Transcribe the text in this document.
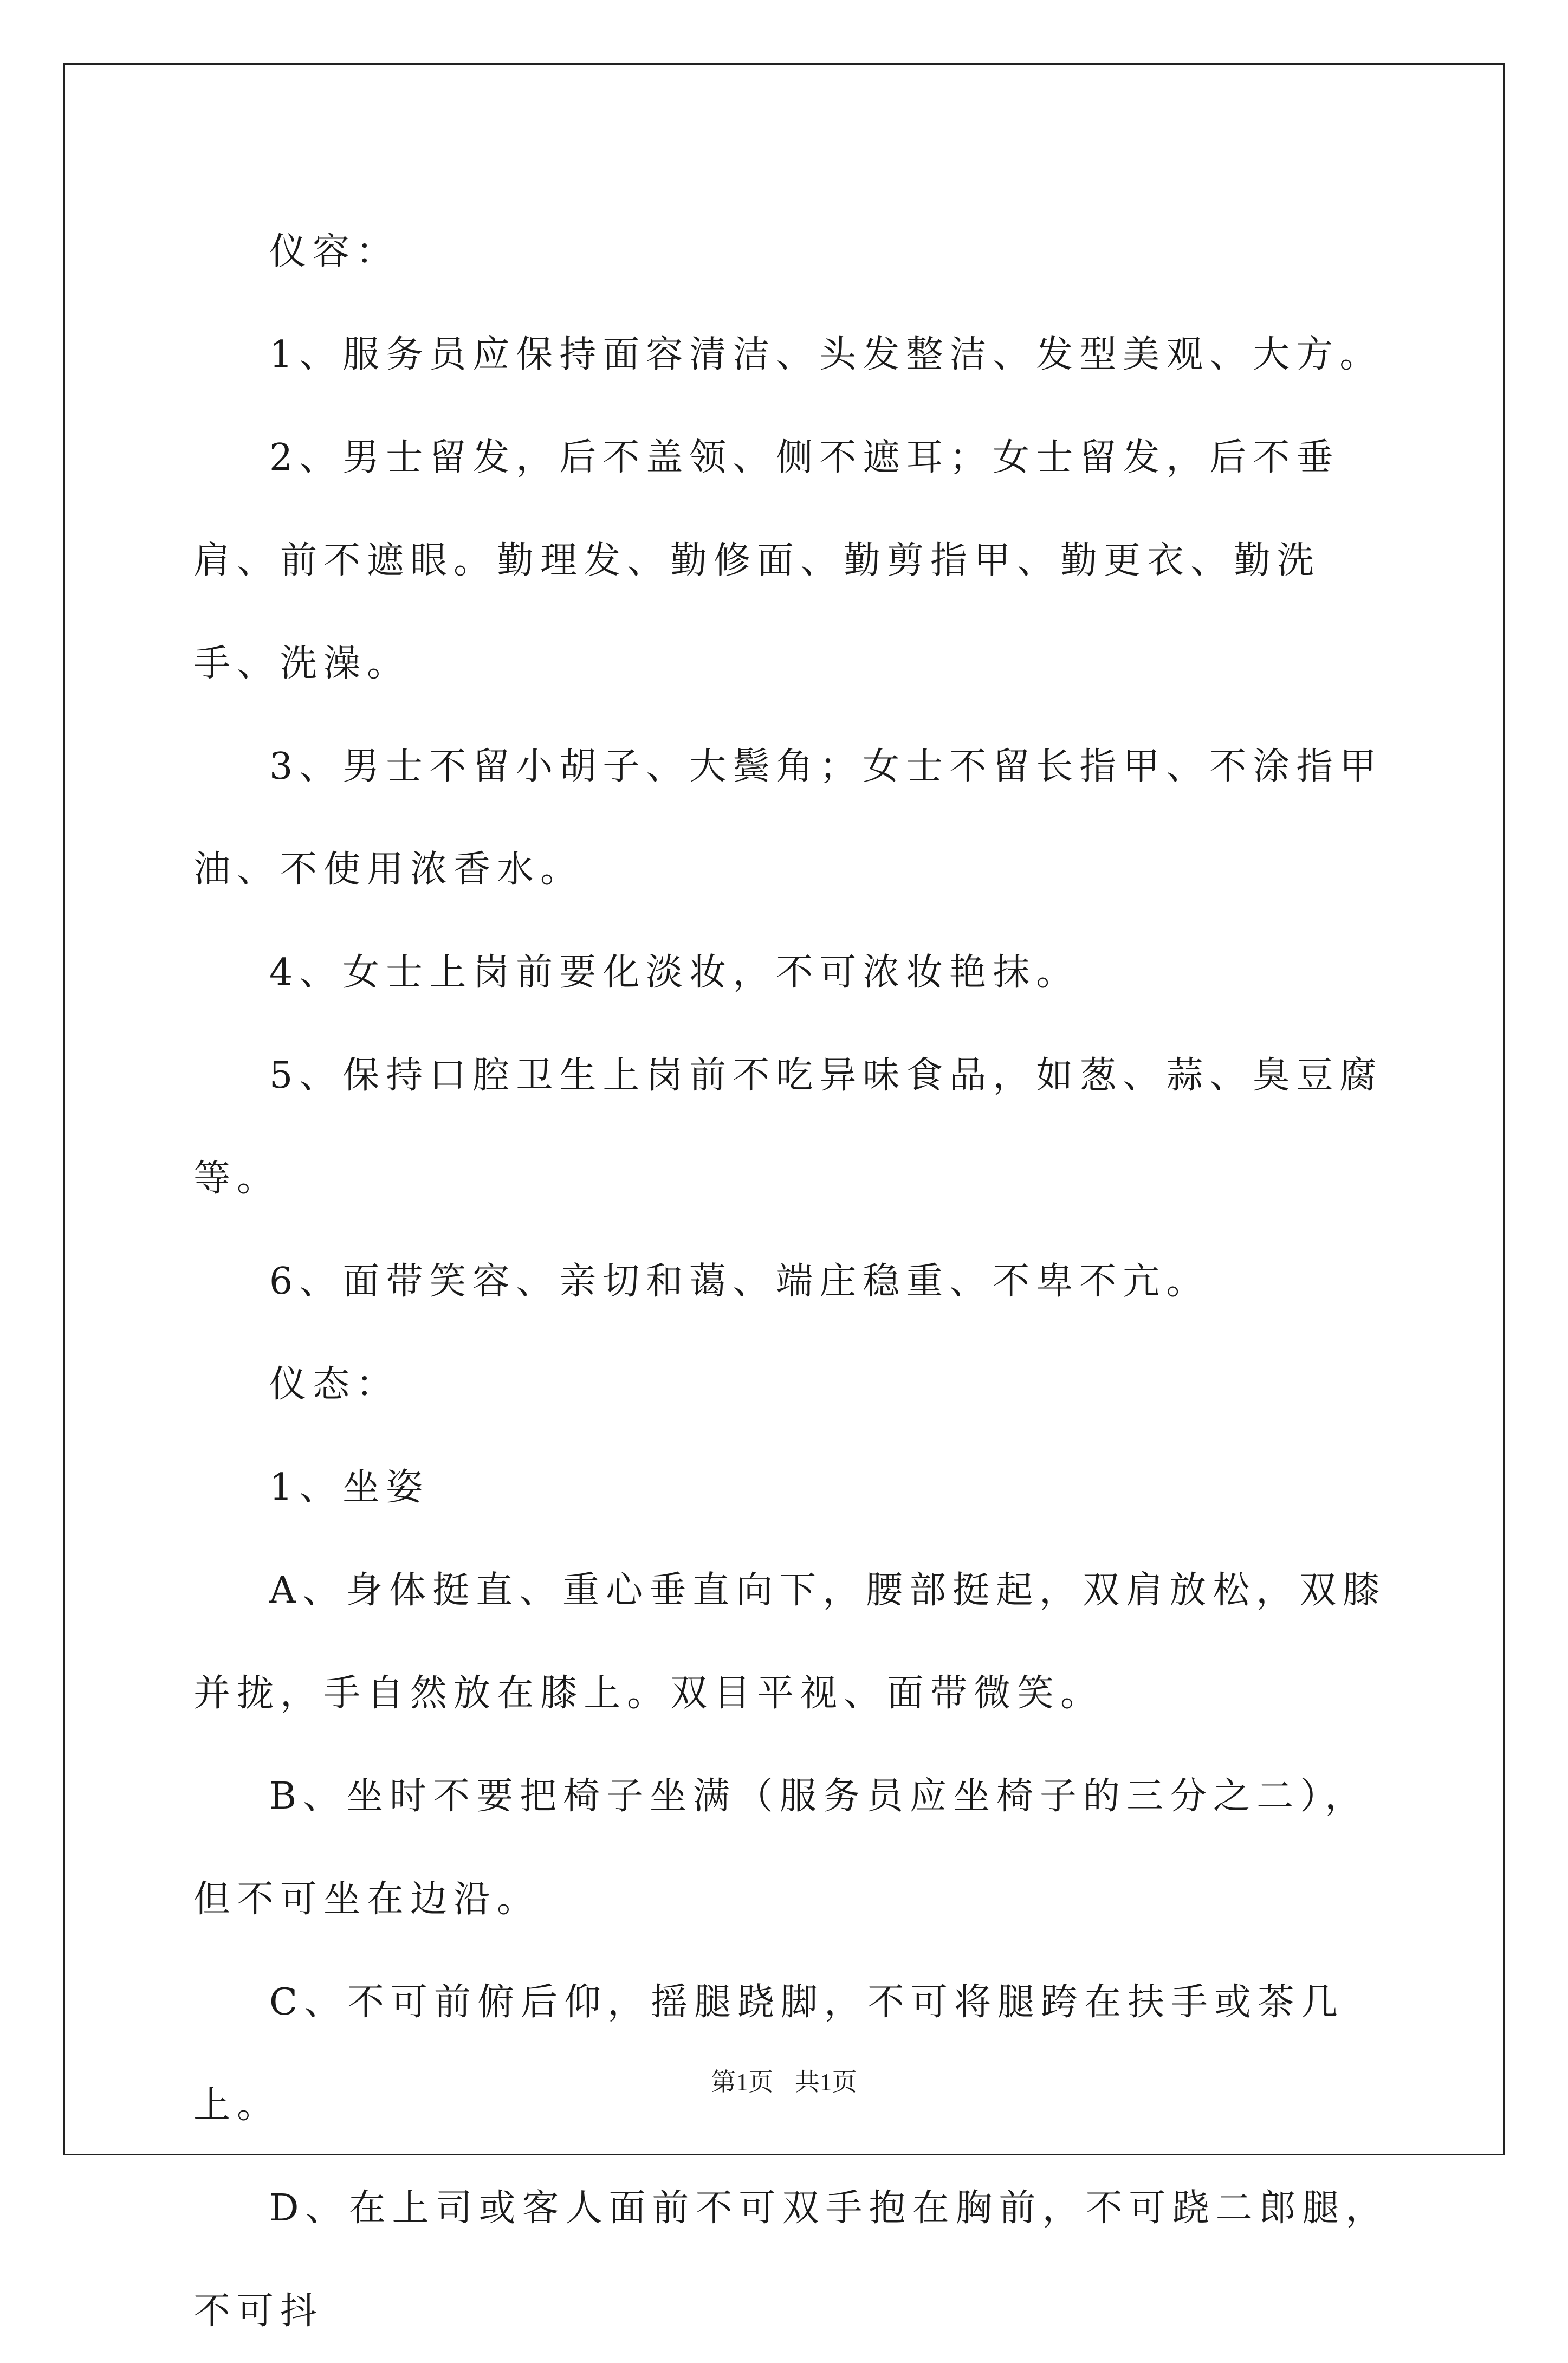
仪容：

1、服务员应保持面容清洁、头发整洁、发型美观、大方。

2、男士留发，后不盖领、侧不遮耳；女士留发，后不垂肩、前不遮眼。勤理发、勤修面、勤剪指甲、勤更衣、勤洗手、洗澡。

3、男士不留小胡子、大鬓角；女士不留长指甲、不涂指甲油、不使用浓香水。

4、女士上岗前要化淡妆，不可浓妆艳抹。

5、保持口腔卫生上岗前不吃异味食品，如葱、蒜、臭豆腐等。

6、面带笑容、亲切和蔼、端庄稳重、不卑不亢。

仪态：

1、坐姿

A、身体挺直、重心垂直向下，腰部挺起，双肩放松，双膝并拢，手自然放在膝上。双目平视、面带微笑。

B、坐时不要把椅子坐满（服务员应坐椅子的三分之二），但不可坐在边沿。

C、不可前俯后仰，摇腿跷脚，不可将腿跨在扶手或茶几上。

D、在上司或客人面前不可双手抱在胸前，不可跷二郎腿，不可抖

第1页 共1页
